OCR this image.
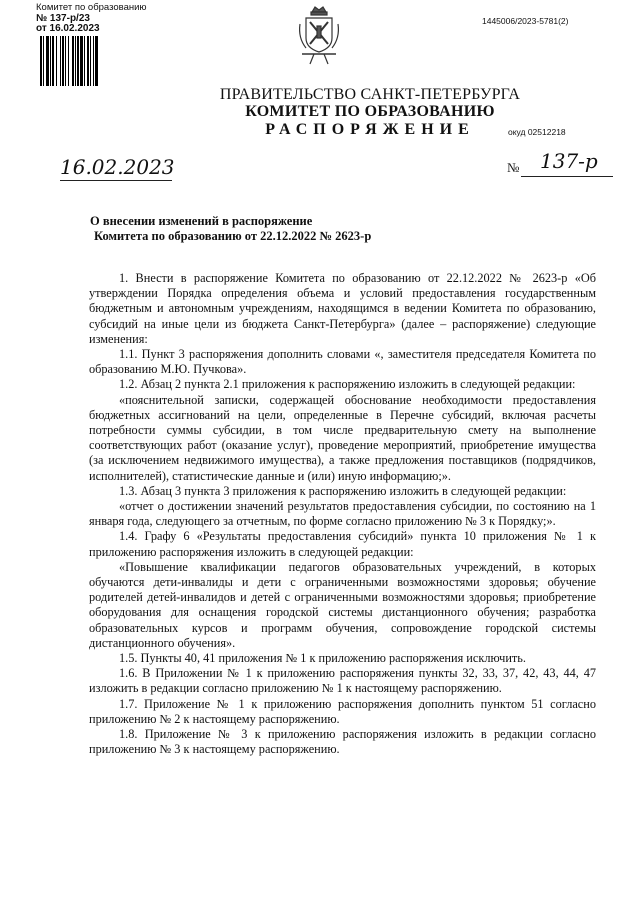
Комитет по образованию
№ 137-р/23
от 16.02.2023
1445006/2023-5781(2)
ПРАВИТЕЛЬСТВО САНКТ-ПЕТЕРБУРГА
КОМИТЕТ ПО ОБРАЗОВАНИЮ
РАСПОРЯЖЕНИЕ	окуд 02512218
16.02.2023	№ 137-р
О внесении изменений в распоряжение
Комитета по образованию от 22.12.2022 № 2623-р

1. Внести в распоряжение Комитета по образованию от 22.12.2022 № 2623-р «Об утверждении Порядка определения объема и условий предоставления государственным бюджетным и автономным учреждениям, находящимся в ведении Комитета по образованию, субсидий на иные цели из бюджета Санкт-Петербурга» (далее – распоряжение) следующие изменения:

1.1. Пункт 3 распоряжения дополнить словами «, заместителя председателя Комитета по образованию М.Ю. Пучкова».

1.2. Абзац 2 пункта 2.1 приложения к распоряжению изложить в следующей редакции:

«пояснительной записки, содержащей обоснование необходимости предоставления бюджетных ассигнований на цели, определенные в Перечне субсидий, включая расчеты потребности суммы субсидии, в том числе предварительную смету на выполнение соответствующих работ (оказание услуг), проведение мероприятий, приобретение имущества (за исключением недвижимого имущества), а также предложения поставщиков (подрядчиков, исполнителей), статистические данные и (или) иную информацию;».

1.3. Абзац 3 пункта 3 приложения к распоряжению изложить в следующей редакции:

«отчет о достижении значений результатов предоставления субсидии, по состоянию на 1 января года, следующего за отчетным, по форме согласно приложению № 3 к Порядку;».

1.4. Графу 6 «Результаты предоставления субсидий» пункта 10 приложения № 1 к приложению распоряжения изложить в следующей редакции:

«Повышение квалификации педагогов образовательных учреждений, в которых обучаются дети-инвалиды и дети с ограниченными возможностями здоровья; обучение родителей детей-инвалидов и детей с ограниченными возможностями здоровья; приобретение оборудования для оснащения городской системы дистанционного обучения; разработка образовательных курсов и программ обучения, сопровождение городской системы дистанционного обучения».

1.5. Пункты 40, 41 приложения № 1 к приложению распоряжения исключить.

1.6. В Приложении № 1 к приложению распоряжения пункты 32, 33, 37, 42, 43, 44, 47 изложить в редакции согласно приложению № 1 к настоящему распоряжению.

1.7. Приложение № 1 к приложению распоряжения дополнить пунктом 51 согласно приложению № 2 к настоящему распоряжению.

1.8. Приложение № 3 к приложению распоряжения изложить в редакции согласно приложению № 3 к настоящему распоряжению.
